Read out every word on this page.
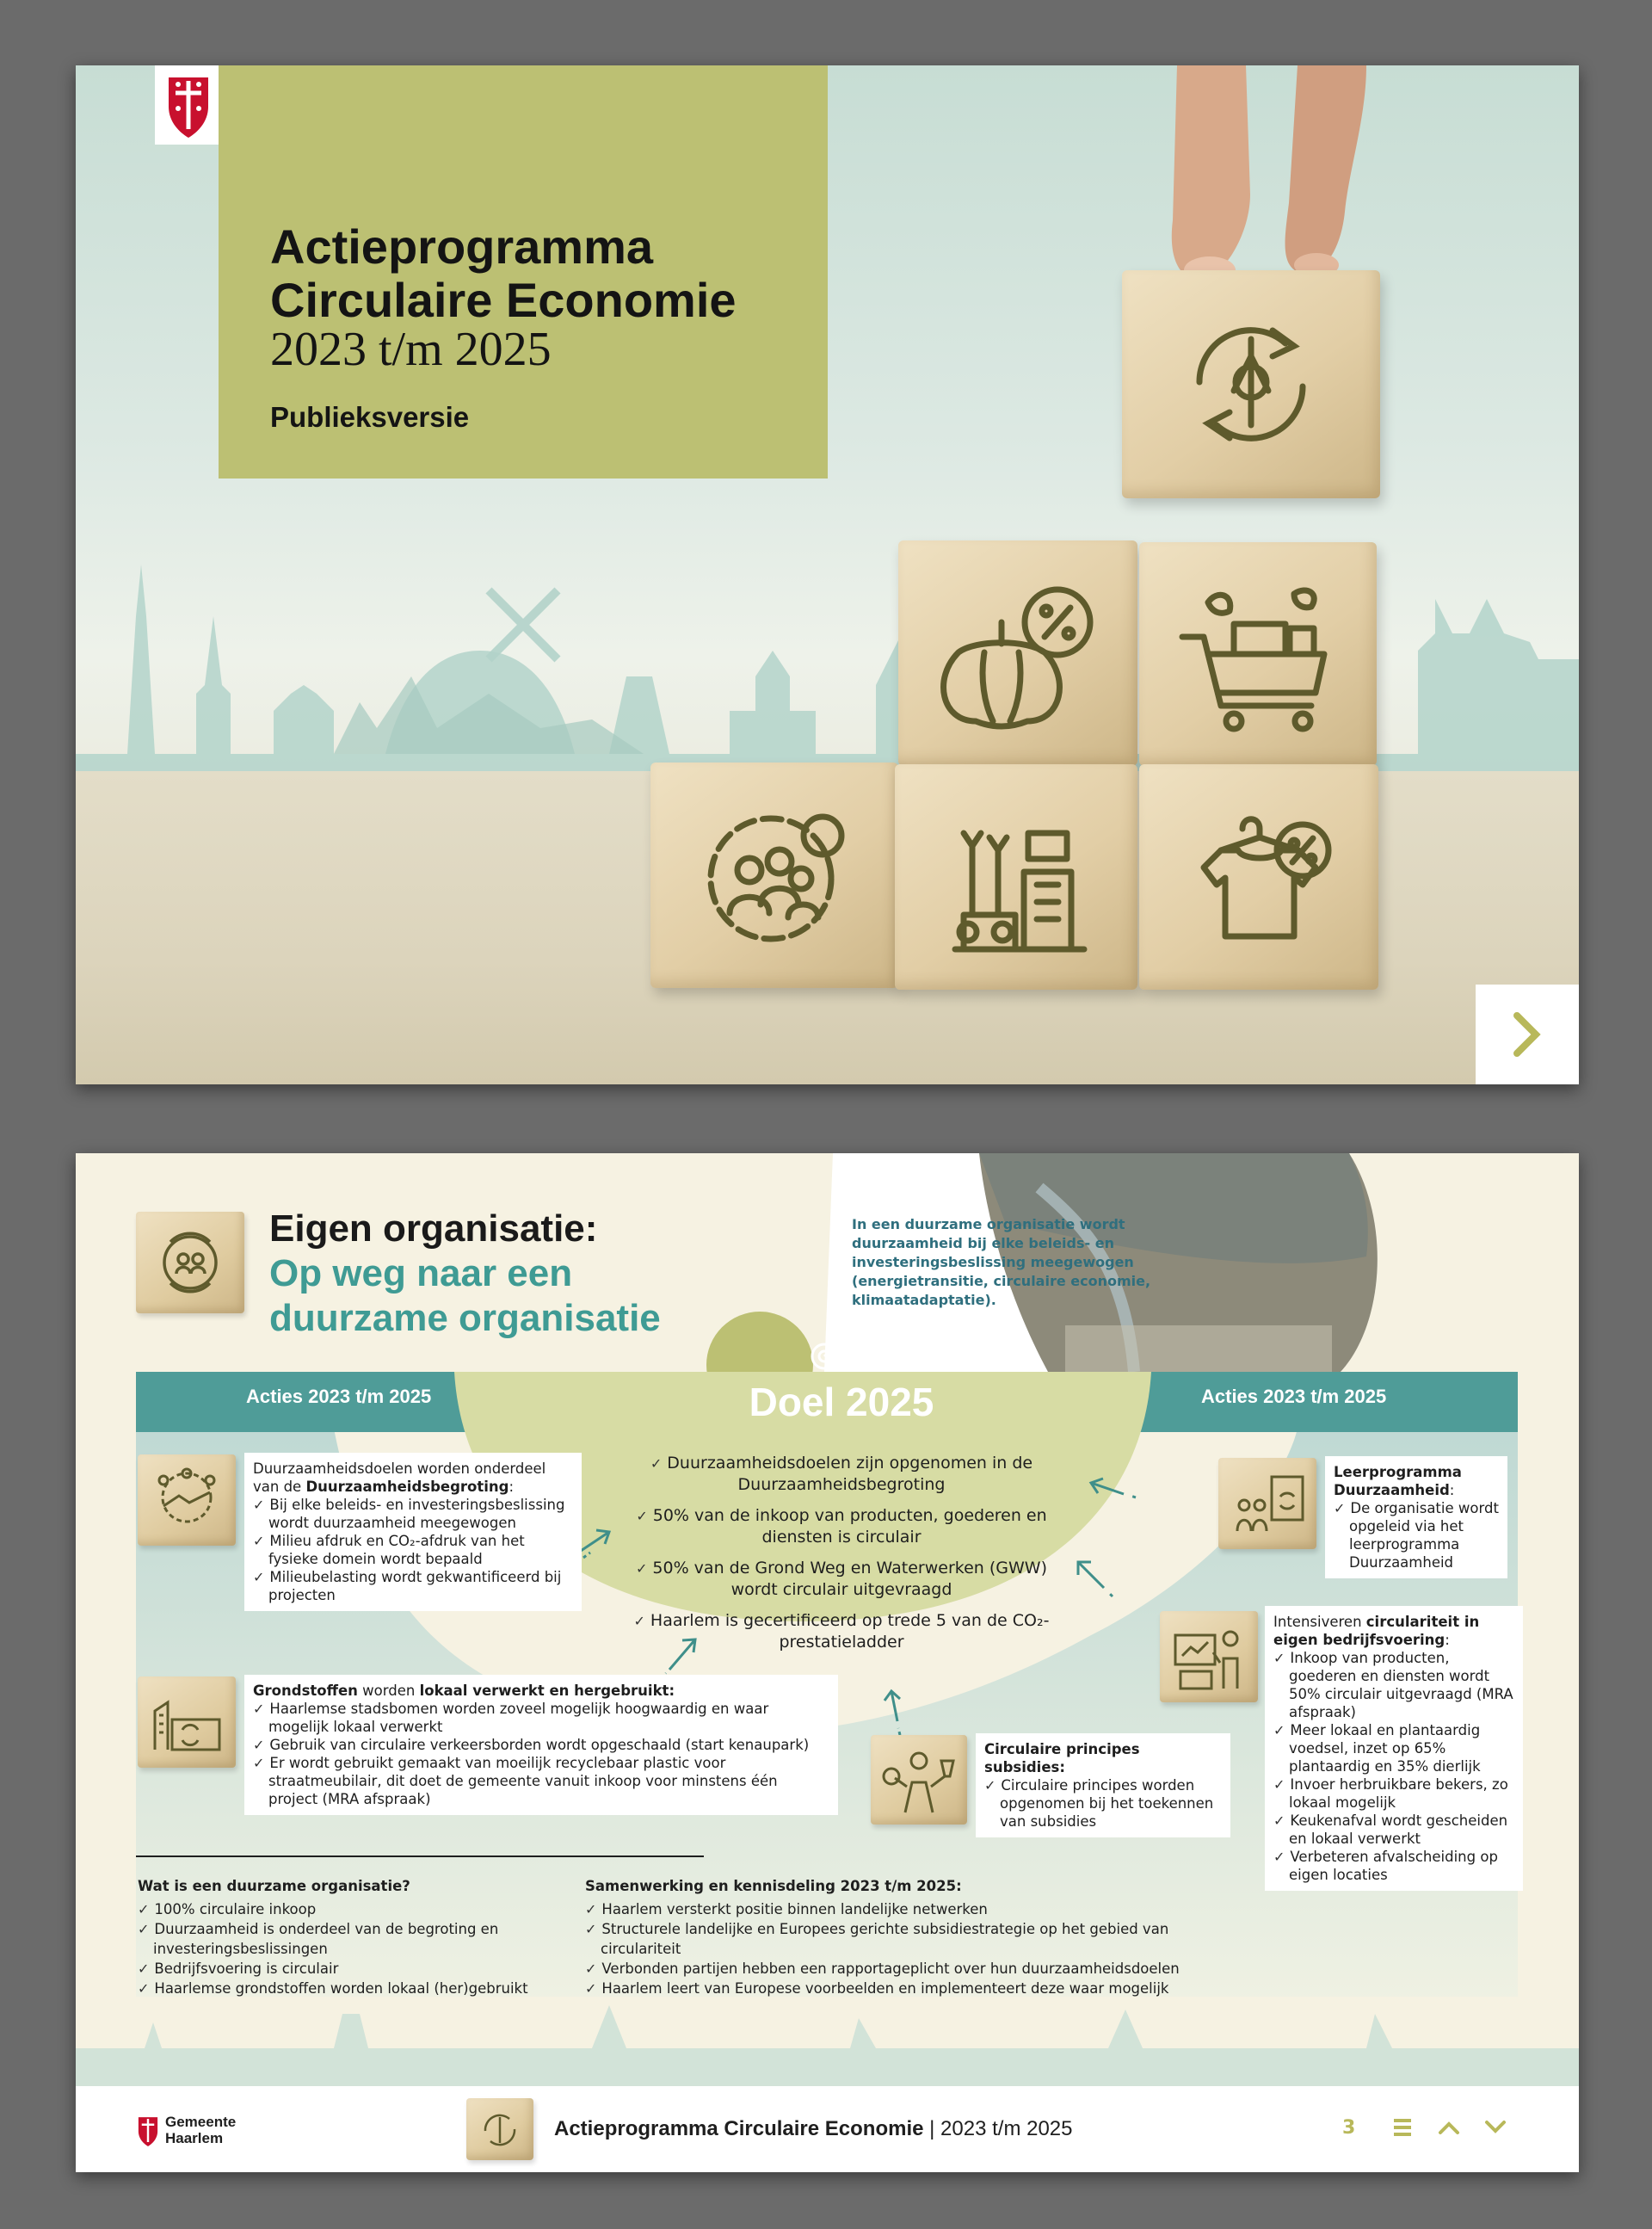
Actieprogramma
Circulaire Economie
2023 t/m 2025
Publieksversie
Eigen organisatie:
Op weg naar een duurzame organisatie
In een duurzame organisatie wordt duurzaamheid bij elke beleids- en investeringsbeslissing meegewogen (energietransitie, circulaire economie, klimaatadaptatie).
Acties 2023 t/m 2025	Acties 2023 t/m 2025
Doel 2025
✓ Duurzaamheidsdoelen zijn opgenomen in de Duurzaamheidsbegroting
✓ 50% van de inkoop van producten, goederen en diensten is circulair
✓ 50% van de Grond Weg en Waterwerken (GWW) wordt circulair uitgevraagd
✓ Haarlem is gecertificeerd op trede 5 van de CO₂-prestatieladder
Duurzaamheidsdoelen worden onderdeel van de Duurzaamheidsbegroting:
✓ Bij elke beleids- en investeringsbeslissing wordt duurzaamheid meegewogen
✓ Milieu afdruk en CO₂-afdruk van het fysieke domein wordt bepaald
✓ Milieubelasting wordt gekwantificeerd bij projecten
Grondstoffen worden lokaal verwerkt en hergebruikt:
✓ Haarlemse stadsbomen worden zoveel mogelijk hoogwaardig en waar mogelijk lokaal verwerkt
✓ Gebruik van circulaire verkeersborden wordt opgeschaald (start kenaupark)
✓ Er wordt gebruikt gemaakt van moeilijk recyclebaar plastic voor straatmeubilair, dit doet de gemeente vanuit inkoop voor minstens één project (MRA afspraak)
Circulaire principes subsidies:
✓ Circulaire principes worden opgenomen bij het toekennen van subsidies
Leerprogramma Duurzaamheid:
✓ De organisatie wordt opgeleid via het leerprogramma Duurzaamheid
Intensiveren circulariteit in eigen bedrijfsvoering:
✓ Inkoop van producten, goederen en diensten wordt 50% circulair uitgevraagd (MRA afspraak)
✓ Meer lokaal en plantaardig voedsel, inzet op 65% plantaardig en 35% dierlijk
✓ Invoer herbruikbare bekers, zo lokaal mogelijk
✓ Keukenafval wordt gescheiden en lokaal verwerkt
✓ Verbeteren afvalscheiding op eigen locaties
Wat is een duurzame organisatie?
✓ 100% circulaire inkoop
✓ Duurzaamheid is onderdeel van de begroting en investeringsbeslissingen
✓ Bedrijfsvoering is circulair
✓ Haarlemse grondstoffen worden lokaal (her)gebruikt
Samenwerking en kennisdeling 2023 t/m 2025:
✓ Haarlem versterkt positie binnen landelijke netwerken
✓ Structurele landelijke en Europees gerichte subsidiestrategie op het gebied van circulariteit
✓ Verbonden partijen hebben een rapportageplicht over hun duurzaamheidsdoelen
✓ Haarlem leert van Europese voorbeelden en implementeert deze waar mogelijk
Gemeente
Haarlem	Actieprogramma Circulaire Economie | 2023 t/m 2025	3
